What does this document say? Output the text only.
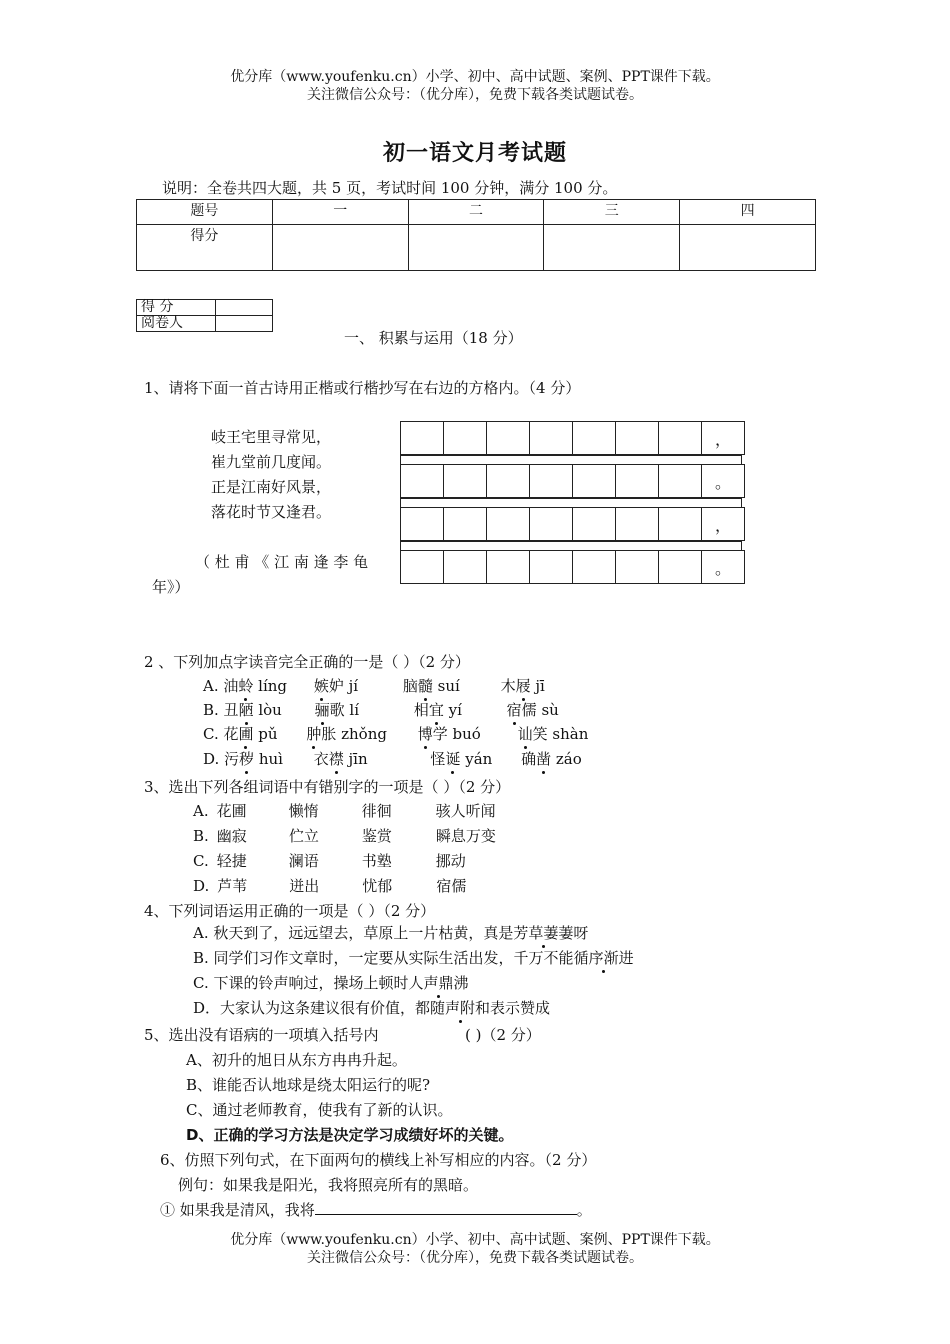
优分库（www.youfenku.cn）小学、初中、高中试题、案例、PPT课件下载。
关注微信公众号：（优分库），免费下载各类试题试卷。
初一语文月考试题
说明：全卷共四大题，共 5 页，考试时间 100 分钟，满分 100 分。
题号	一	二	三	四
得分				
得 分	
阅卷人	
一、 积累与运用（18 分）
1、请将下面一首古诗用正楷或行楷抄写在右边的方格内。（4 分）
岐王宅里寻常见，
崔九堂前几度闻。
正是江南好风景，
落花时节又逢君。
（ 杜 甫 《 江 南 逢 李 龟
年》）
							，
							。
							，
							。
2 、下列加点字读音完全正确的一是（ ）（2 分）
A. 油蛉 líng 嫉妒 jí	脑髓 suí	木屐 jī
B. 丑陋 lòu 骊歌 lí	相宜 yí	宿儒 sù
C. 花圃 pǔ 肿胀 zhǒng 博学 buó 讪笑 shàn
D. 污秽 huì 衣襟 jīn	怪诞 yán 确凿 záo
3、选出下列各组词语中有错别字的一项是（ ）（2 分）
A. 花圃	懒惰	徘徊	骇人听闻
B. 幽寂	伫立	鉴赏	瞬息万变
C. 轻捷	澜语	书塾	挪动
D. 芦苇	迸出	忧郁	宿儒
4、下列词语运用正确的一项是（ ）（2 分）
A. 秋天到了，远远望去，草原上一片枯黄，真是芳草萋萋呀
B. 同学们习作文章时，一定要从实际生活出发，千万不能循序渐进
C. 下课的铃声响过，操场上顿时人声鼎沸
D．大家认为这条建议很有价值，都随声附和表示赞成
5、选出没有语病的一项填入括号内	( )（2 分）
A、初升的旭日从东方冉冉升起。
B、谁能否认地球是绕太阳运行的呢?
C、通过老师教育，使我有了新的认识。
D、正确的学习方法是决定学习成绩好坏的关键。
6、仿照下列句式，在下面两句的横线上补写相应的内容。（2 分）
例句：如果我是阳光，我将照亮所有的黑暗。
① 如果我是清风，我将	。
优分库（www.youfenku.cn）小学、初中、高中试题、案例、PPT课件下载。
关注微信公众号：（优分库），免费下载各类试题试卷。
